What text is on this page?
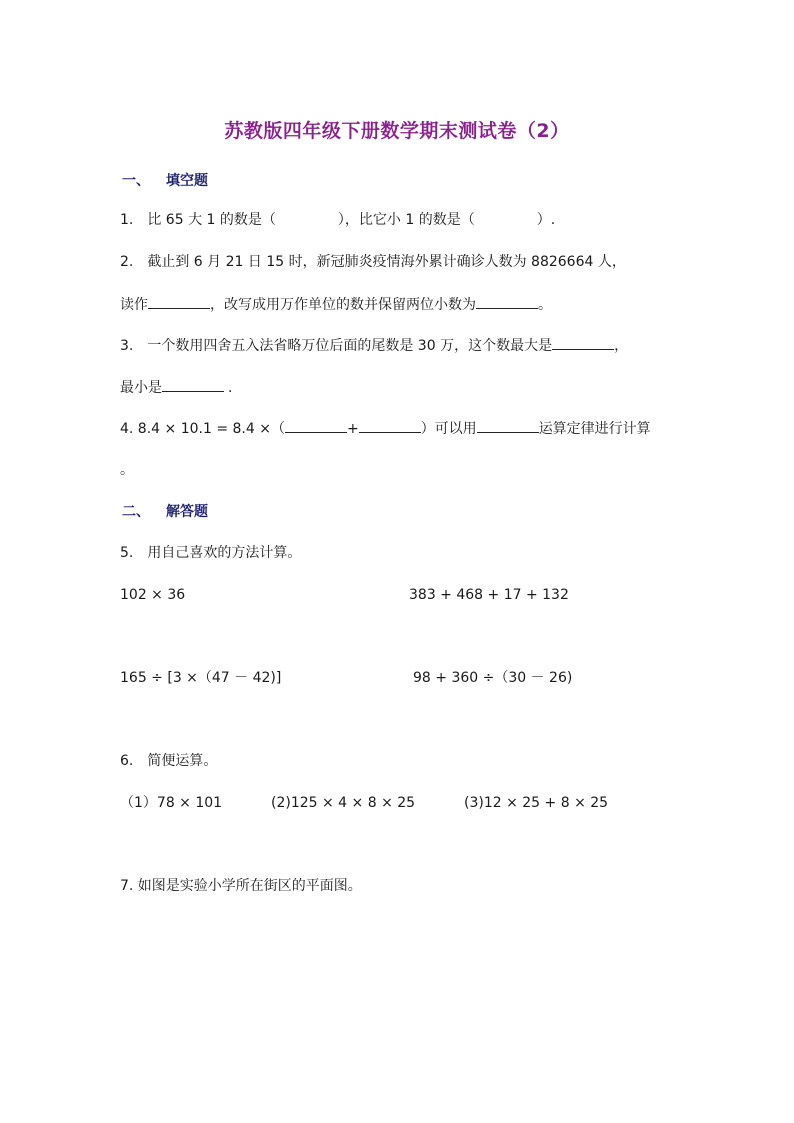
苏教版四年级下册数学期末测试卷（2）
一、 填空题
1. 比 65 大 1 的数是（	），比它小 1 的数是（	）.
2. 截止到 6 月 21 日 15 时，新冠肺炎疫情海外累计确诊人数为 8826664 人，
读作	，改写成用万作单位的数并保留两位小数为	。
3. 一个数用四舍五入法省略万位后面的尾数是 30 万，这个数最大是	，
最小是	.
4. 8.4 × 10.1 = 8.4 ×（	+	）可以用	运算定律进行计算
。
二、 解答题
5. 用自己喜欢的方法计算。
102 × 36	383 + 468 + 17 + 132
165 ÷ [3 ×（47 － 42)]	98 + 360 ÷（30 － 26)
6. 简便运算。
（1）78 × 101	(2)125 × 4 × 8 × 25	(3)12 × 25 + 8 × 25
7. 如图是实验小学所在街区的平面图。
